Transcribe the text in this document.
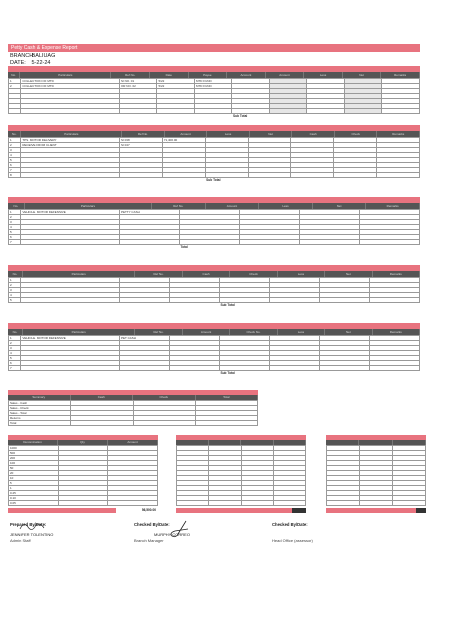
Petty Cash & Expense Report
BRANCH: BALIUAG
DATE: 5-22-24
No.	Particulars	Ref No.	Date	Payee	Account	Amount	Less	Net	Remarks
1	COLLECTION OF MTD	SI NO. 01	5/22	MTD FUND					
2	COLLECTION OF MTD	OR NO. 02	5/22	MTD FUND					

					Sub Total				
No.	Particulars	Ref No.	Amount	Less	Net	Cash	Check	Remarks
1	TPS. MOTOR DELIVERY	SI 038	71,400.00					
2	RECEIVE FROM CLIENT	SI 047						
3								
4								
5								
6								
7								
8								
				Sub Total				
No.	Particulars	Ref No.	Amount	Less	Net	Remarks
1	VEHICLE. MOTOR DEFENSIVE	PETTY CASH				
2						
3						
4						
5						
6						
7						
			Total			
No.	Particulars	Ref No.	Cash	Check	Less	Net	Remarks
1							
2							
3							
4							
5							
				Sub Total			
No.	Particulars	Ref No.	Amount	Check No.	Less	Net	Remarks
1	VEHICLE. MOTOR DEFENSIVE	PET CASH					
2							
3							
4							
5							
6							
7							
				Sub Total			
Summary	Cash	Check	Total
Sales - Cash			
Sales - Check			
Sales - Total			
Returns			
Total			
Denomination	Qty	Amount
1000		
500		
200		
100		
50		
20		
10		
5		
1		
0.25		
0.10		
0.05		
56,500.00

Prepared By/Date:
JENNIFER TOLENTINO
Admin Staff
Checked By/Date:
MURPHY CORREO
Branch Manager
Checked By/Date:

Head Office (assessor)
